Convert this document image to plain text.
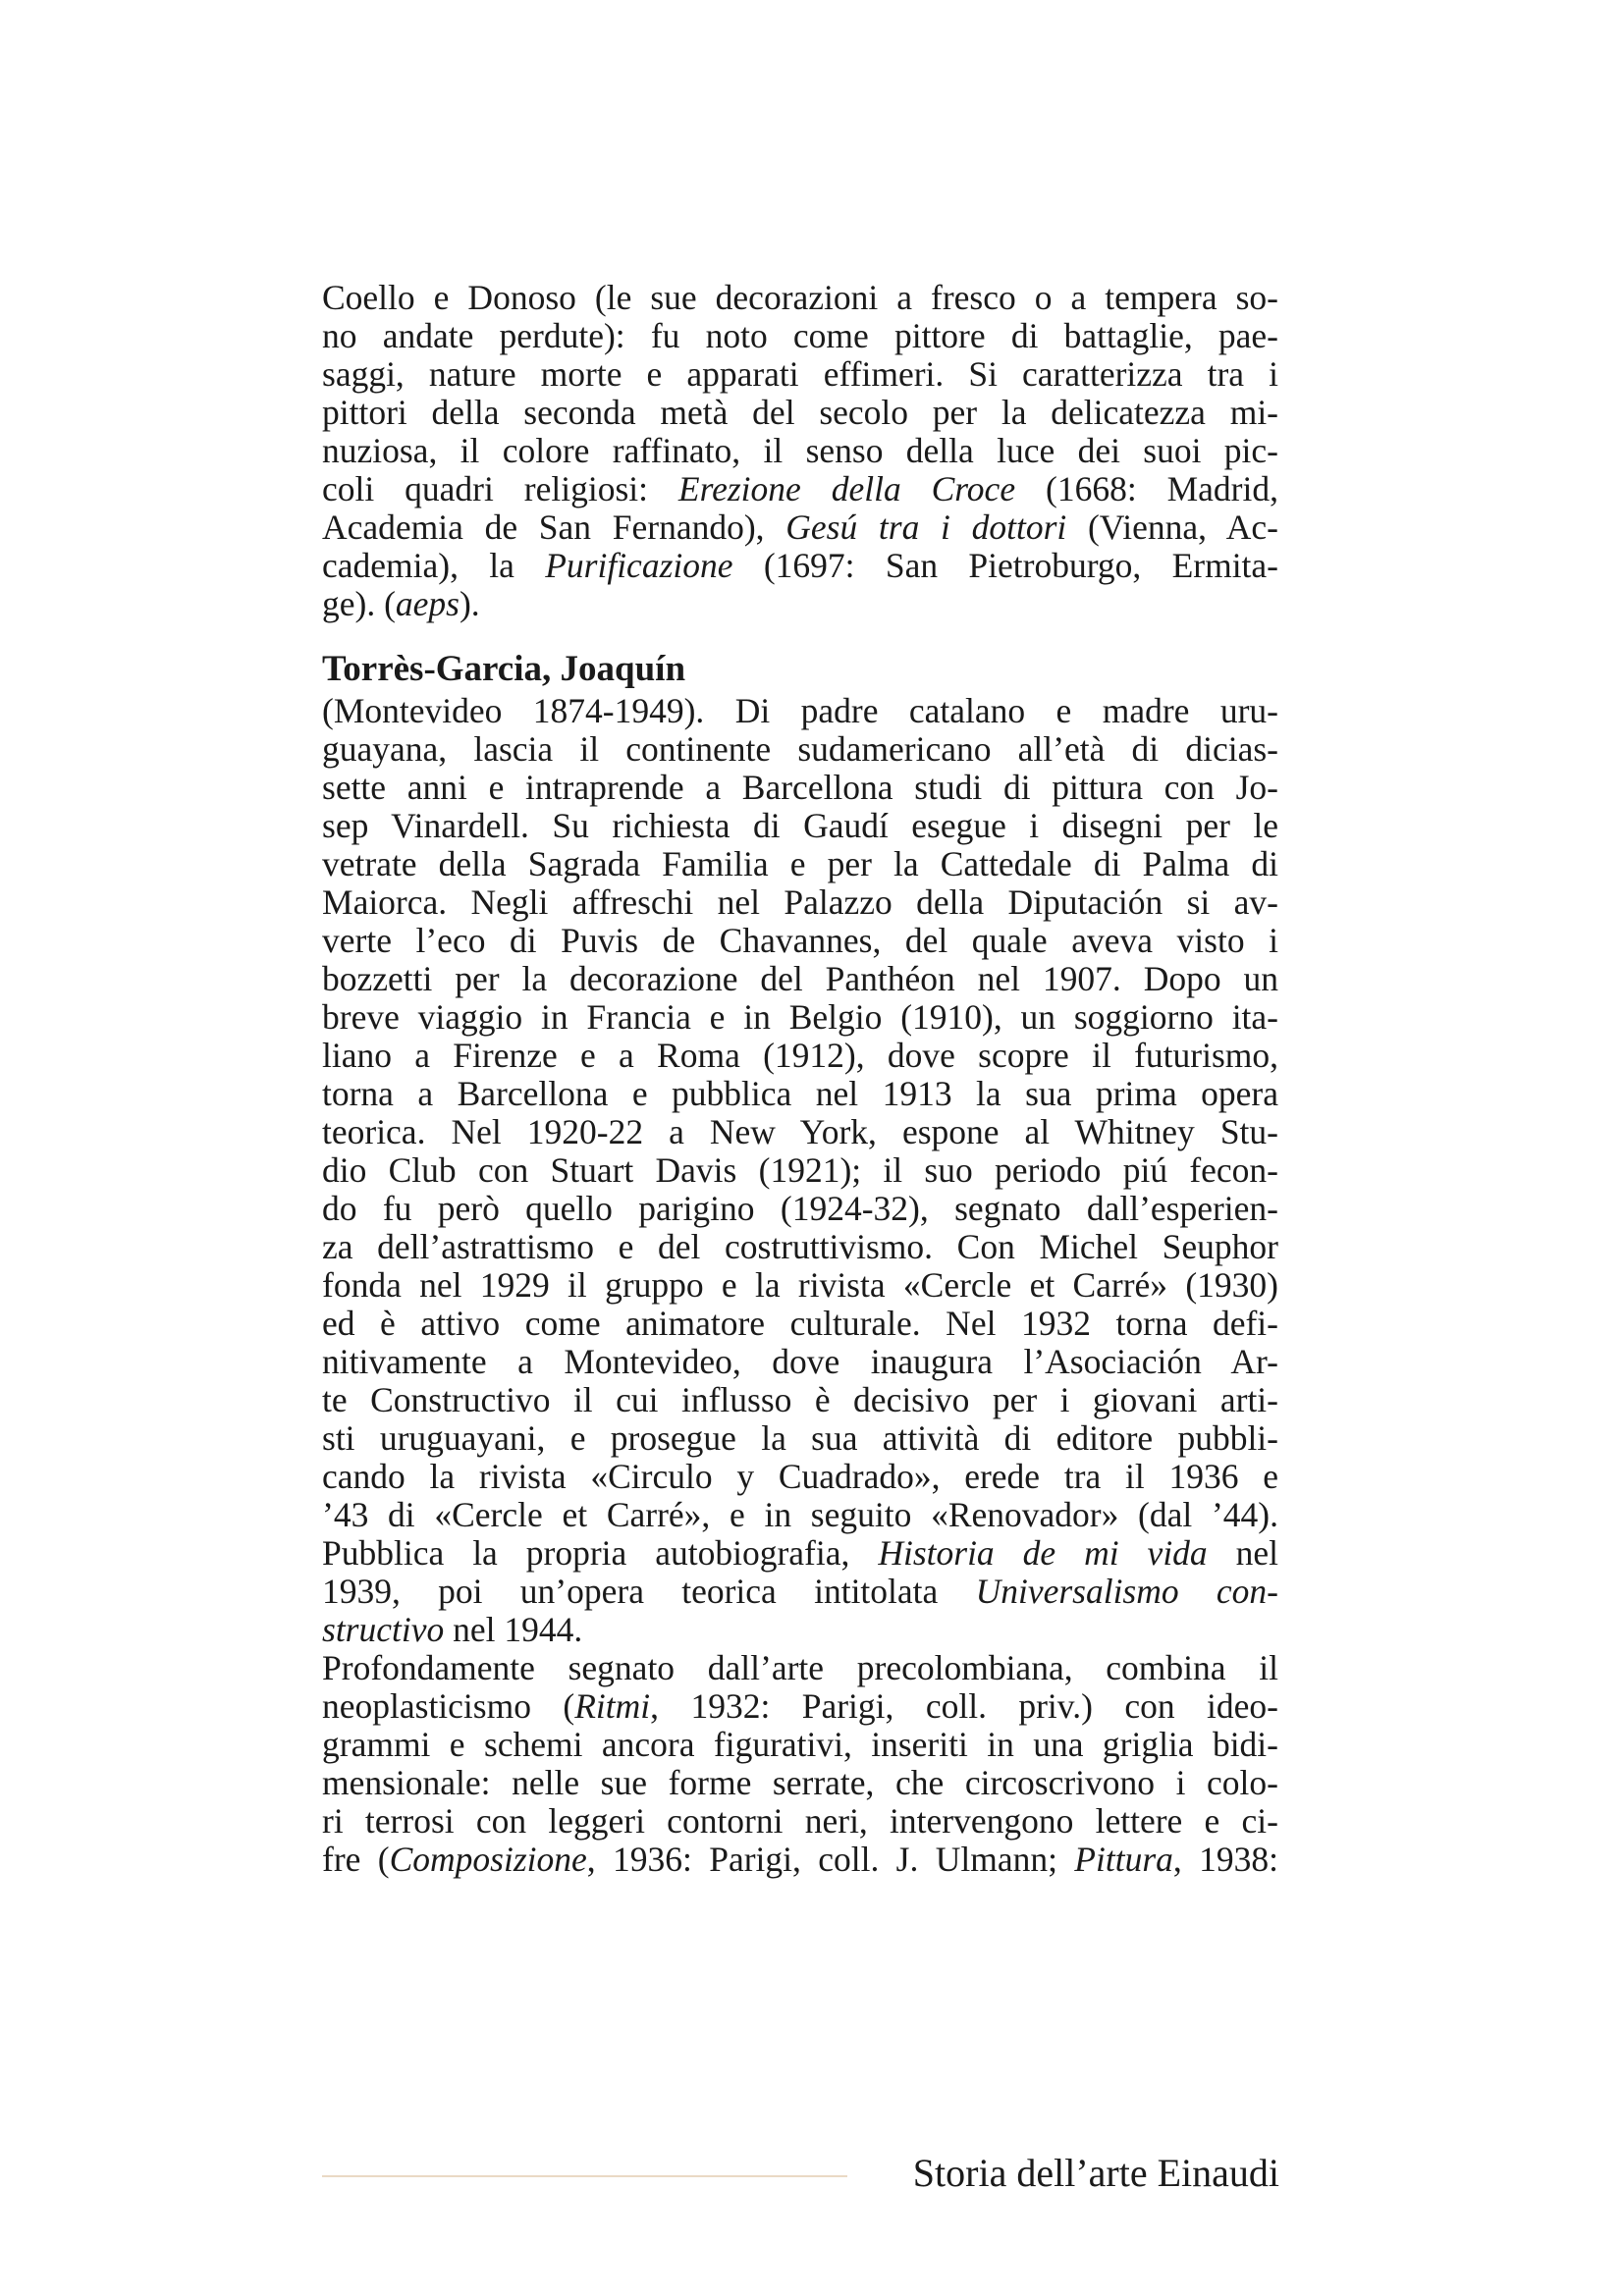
Coello e Donoso (le sue decorazioni a fresco o a tempera so-
no andate perdute): fu noto come pittore di battaglie, pae-
saggi, nature morte e apparati effimeri. Si caratterizza tra i
pittori della seconda metà del secolo per la delicatezza mi-
nuziosa, il colore raffinato, il senso della luce dei suoi pic-
coli quadri religiosi: Erezione della Croce (1668: Madrid,
Academia de San Fernando), Gesú tra i dottori (Vienna, Ac-
cademia), la Purificazione (1697: San Pietroburgo, Ermita-
ge). (aeps).
Torrès-Garcia, Joaquín
(Montevideo 1874-1949). Di padre catalano e madre uru-
guayana, lascia il continente sudamericano all’età di dicias-
sette anni e intraprende a Barcellona studi di pittura con Jo-
sep Vinardell. Su richiesta di Gaudí esegue i disegni per le
vetrate della Sagrada Familia e per la Cattedale di Palma di
Maiorca. Negli affreschi nel Palazzo della Diputación si av-
verte l’eco di Puvis de Chavannes, del quale aveva visto i
bozzetti per la decorazione del Panthéon nel 1907. Dopo un
breve viaggio in Francia e in Belgio (1910), un soggiorno ita-
liano a Firenze e a Roma (1912), dove scopre il futurismo,
torna a Barcellona e pubblica nel 1913 la sua prima opera
teorica. Nel 1920-22 a New York, espone al Whitney Stu-
dio Club con Stuart Davis (1921); il suo periodo piú fecon-
do fu però quello parigino (1924-32), segnato dall’esperien-
za dell’astrattismo e del costruttivismo. Con Michel Seuphor
fonda nel 1929 il gruppo e la rivista «Cercle et Carré» (1930)
ed è attivo come animatore culturale. Nel 1932 torna defi-
nitivamente a Montevideo, dove inaugura l’Asociación Ar-
te Constructivo il cui influsso è decisivo per i giovani arti-
sti uruguayani, e prosegue la sua attività di editore pubbli-
cando la rivista «Circulo y Cuadrado», erede tra il 1936 e
’43 di «Cercle et Carré», e in seguito «Renovador» (dal ’44).
Pubblica la propria autobiografia, Historia de mi vida nel
1939, poi un’opera teorica intitolata Universalismo con-
structivo nel 1944.
Profondamente segnato dall’arte precolombiana, combina il
neoplasticismo (Ritmi, 1932: Parigi, coll. priv.) con ideo-
grammi e schemi ancora figurativi, inseriti in una griglia bidi-
mensionale: nelle sue forme serrate, che circoscrivono i colo-
ri terrosi con leggeri contorni neri, intervengono lettere e ci-
fre (Composizione, 1936: Parigi, coll. J. Ulmann; Pittura, 1938:
Storia dell’arte Einaudi
